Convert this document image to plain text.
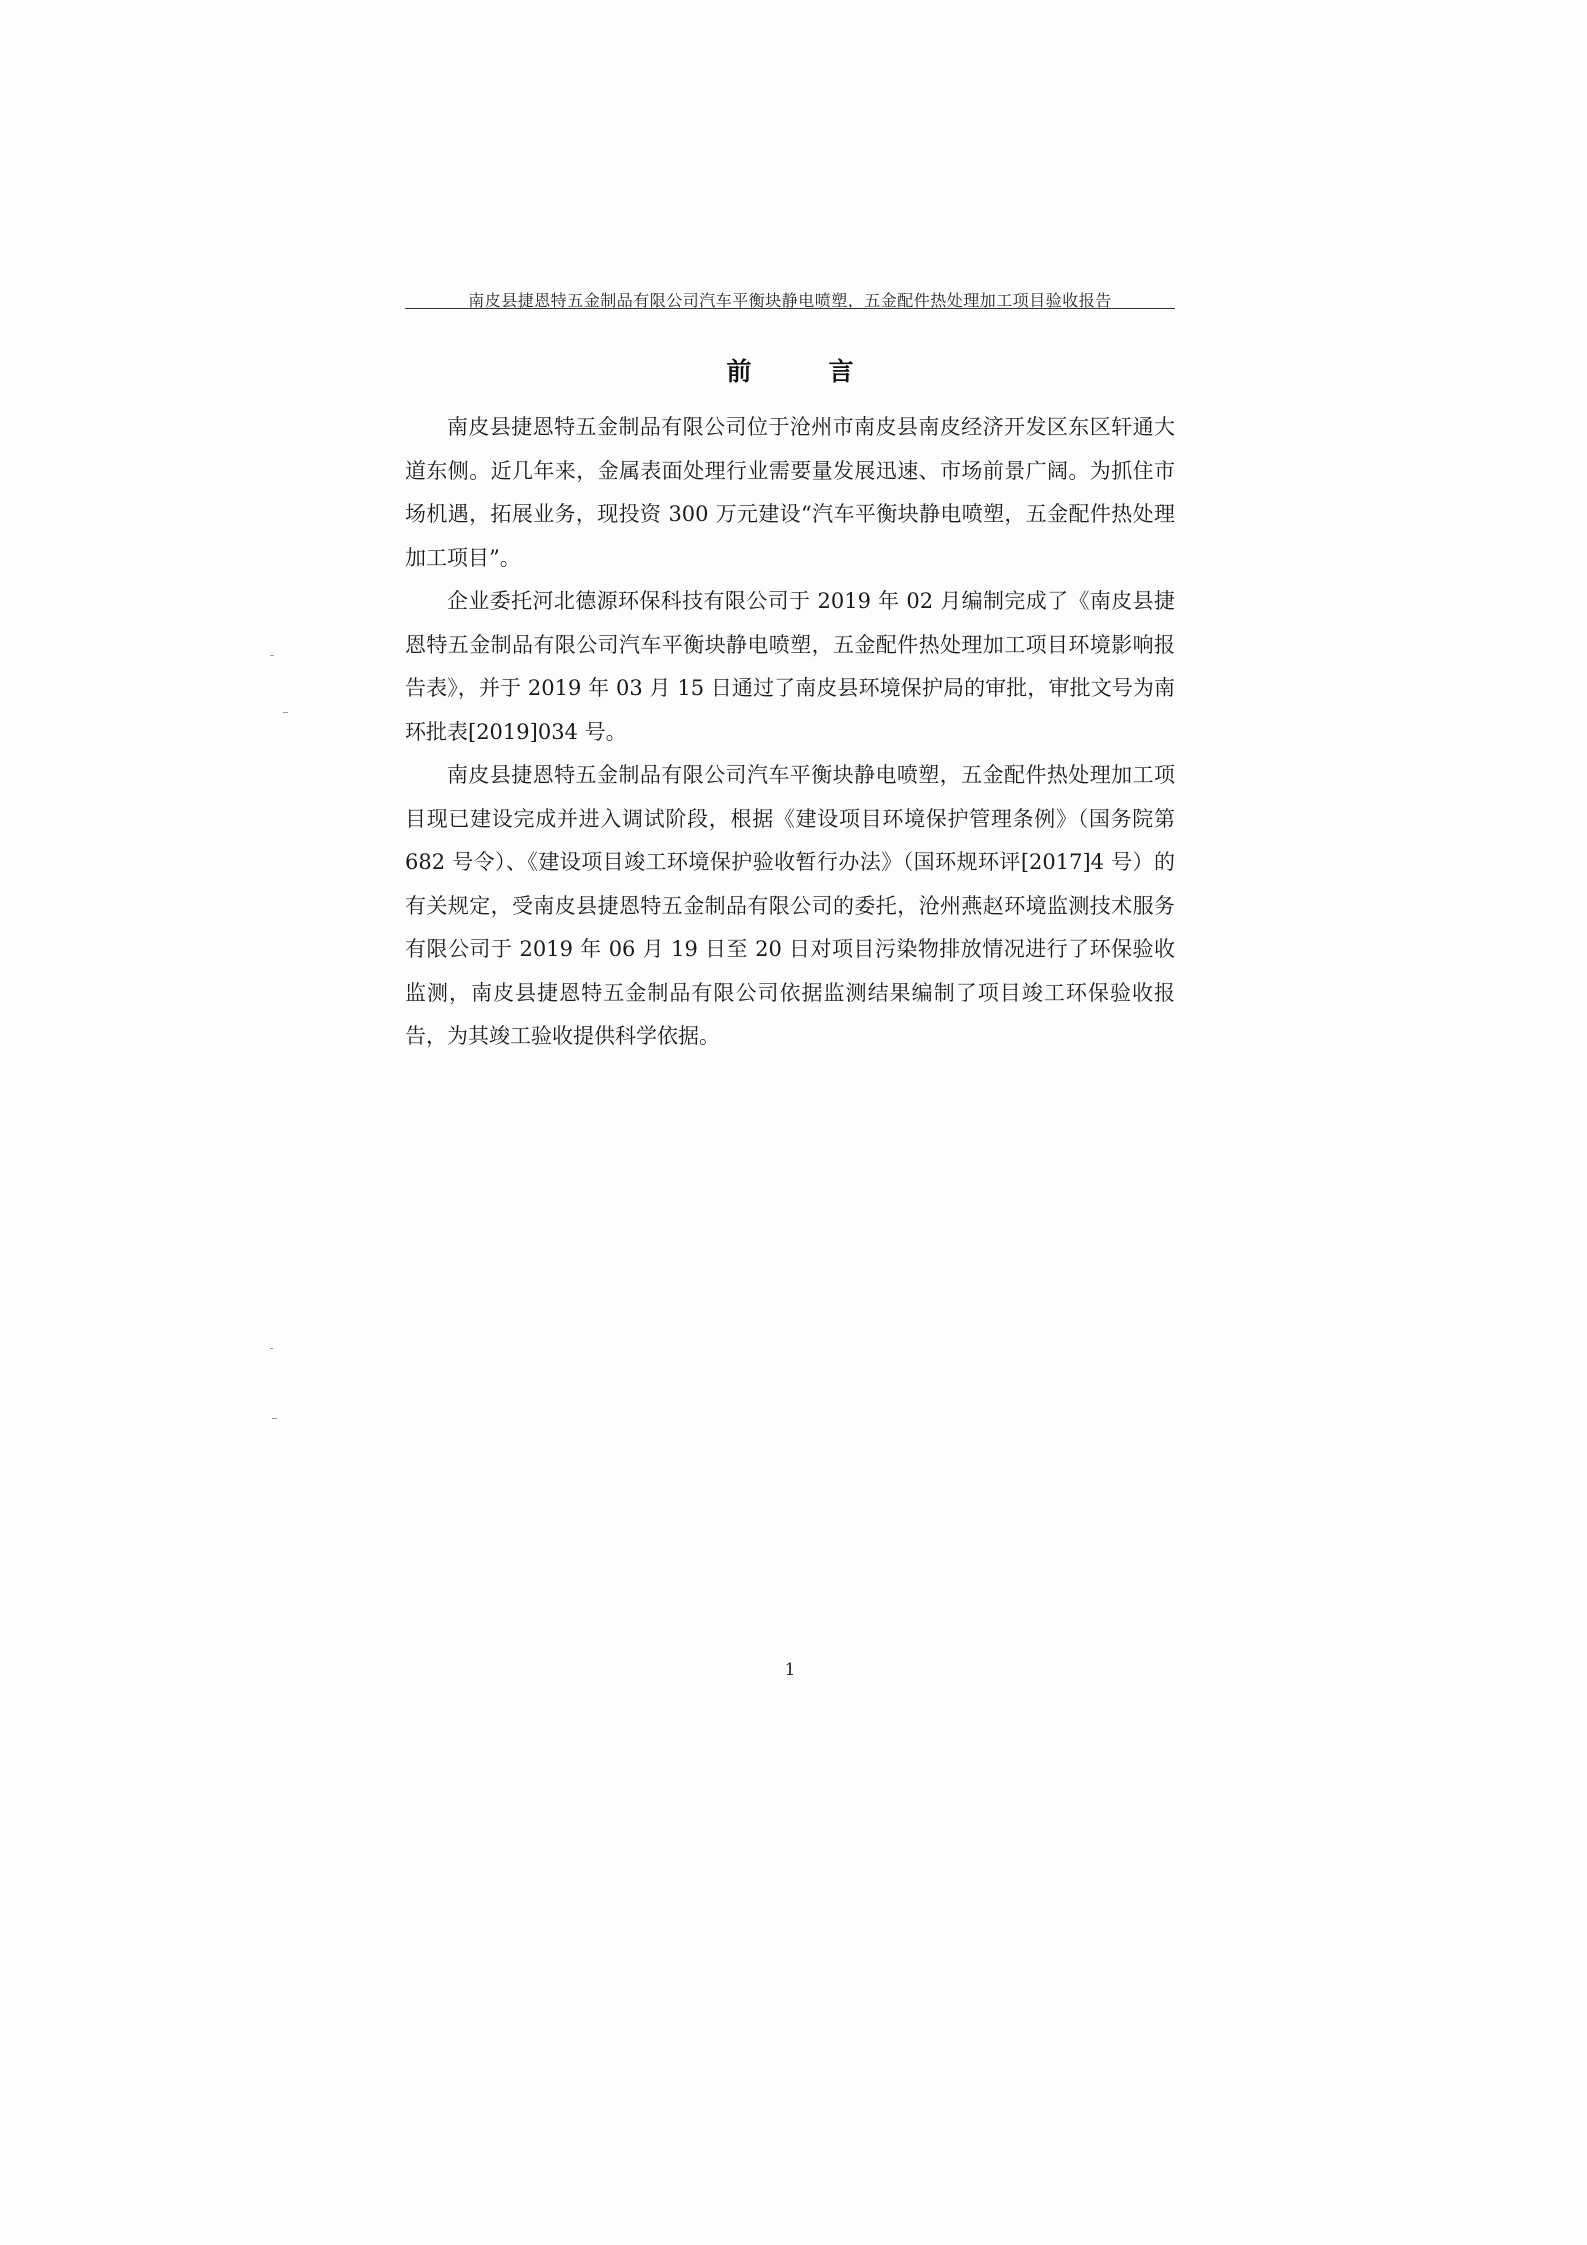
南皮县捷恩特五金制品有限公司汽车平衡块静电喷塑，五金配件热处理加工项目验收报告
前　言

南皮县捷恩特五金制品有限公司位于沧州市南皮县南皮经济开发区东区轩通大道东侧。近几年来，金属表面处理行业需要量发展迅速、市场前景广阔。为抓住市场机遇，拓展业务，现投资 300 万元建设“汽车平衡块静电喷塑，五金配件热处理加工项目”。

企业委托河北德源环保科技有限公司于 2019 年 02 月编制完成了《南皮县捷恩特五金制品有限公司汽车平衡块静电喷塑，五金配件热处理加工项目环境影响报告表》，并于 2019 年 03 月 15 日通过了南皮县环境保护局的审批，审批文号为南环批表[2019]034 号。

南皮县捷恩特五金制品有限公司汽车平衡块静电喷塑，五金配件热处理加工项目现已建设完成并进入调试阶段，根据《建设项目环境保护管理条例》（国务院第 682 号令）、《建设项目竣工环境保护验收暂行办法》（国环规环评[2017]4 号）的有关规定，受南皮县捷恩特五金制品有限公司的委托，沧州燕赵环境监测技术服务有限公司于 2019 年 06 月 19 日至 20 日对项目污染物排放情况进行了环保验收监测，南皮县捷恩特五金制品有限公司依据监测结果编制了项目竣工环保验收报告，为其竣工验收提供科学依据。

1
